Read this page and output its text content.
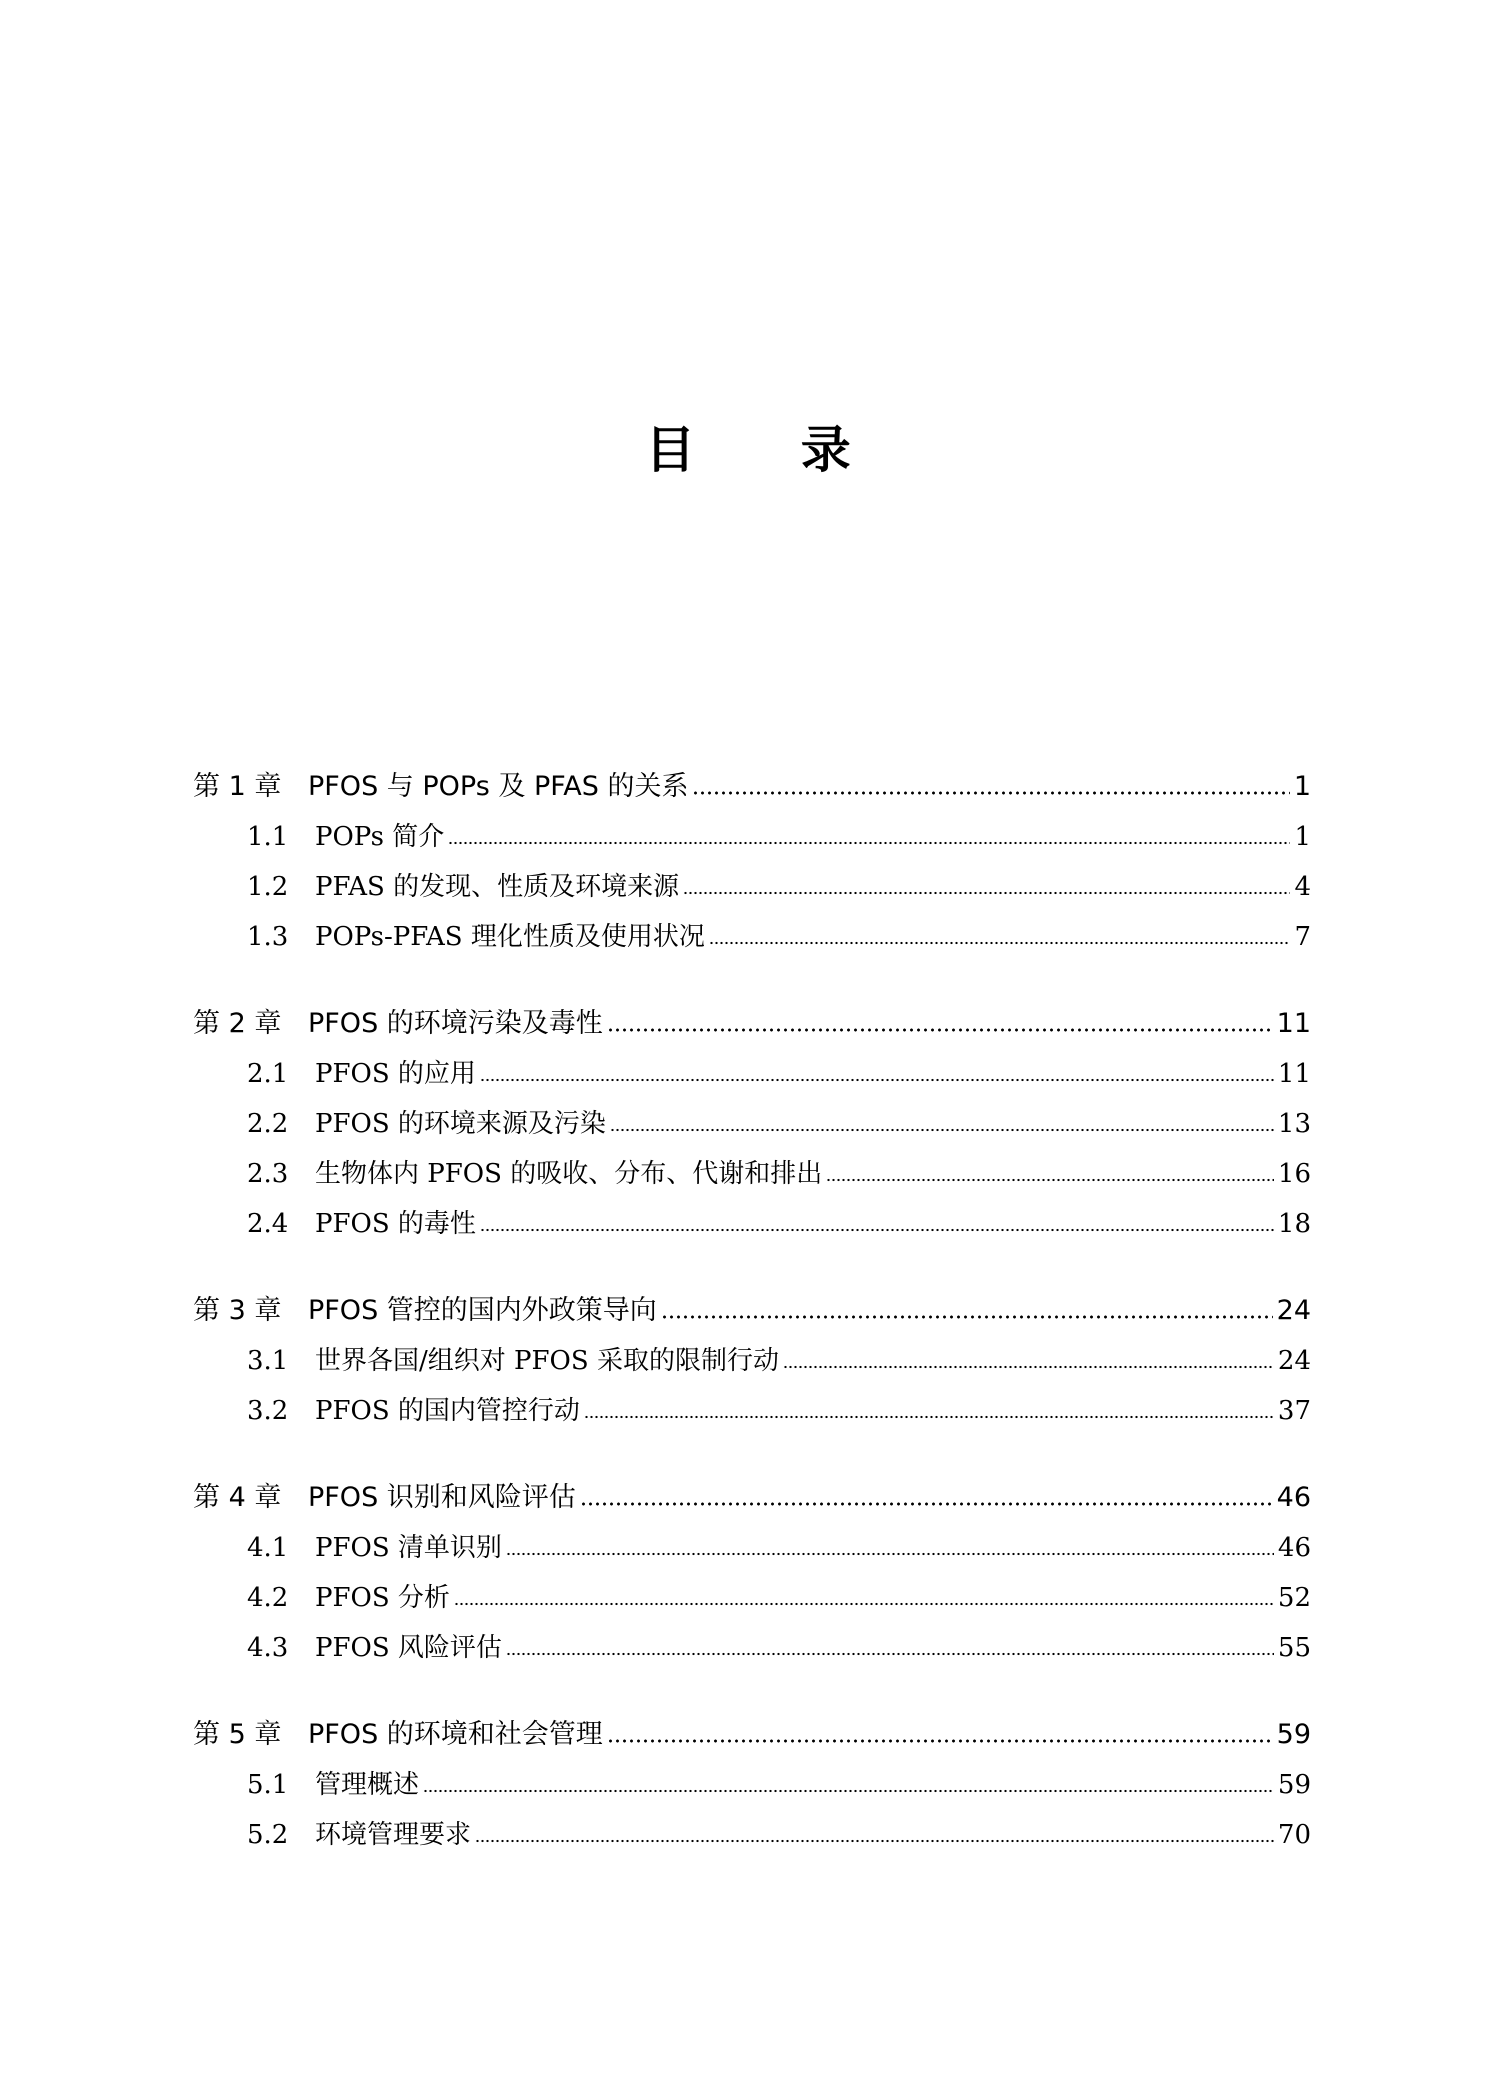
目 录
第 1 章 PFOS 与 POPs 及 PFAS 的关系	1
1.1	POPs 简介	1
1.2	PFAS 的发现、性质及环境来源	4
1.3	POPs-PFAS 理化性质及使用状况	7
第 2 章 PFOS 的环境污染及毒性	11
2.1	PFOS 的应用	11
2.2	PFOS 的环境来源及污染	13
2.3	生物体内 PFOS 的吸收、分布、代谢和排出	16
2.4	PFOS 的毒性	18
第 3 章 PFOS 管控的国内外政策导向	24
3.1	世界各国/组织对 PFOS 采取的限制行动	24
3.2	PFOS 的国内管控行动	37
第 4 章 PFOS 识别和风险评估	46
4.1	PFOS 清单识别	46
4.2	PFOS 分析	52
4.3	PFOS 风险评估	55
第 5 章 PFOS 的环境和社会管理	59
5.1	管理概述	59
5.2	环境管理要求	70
